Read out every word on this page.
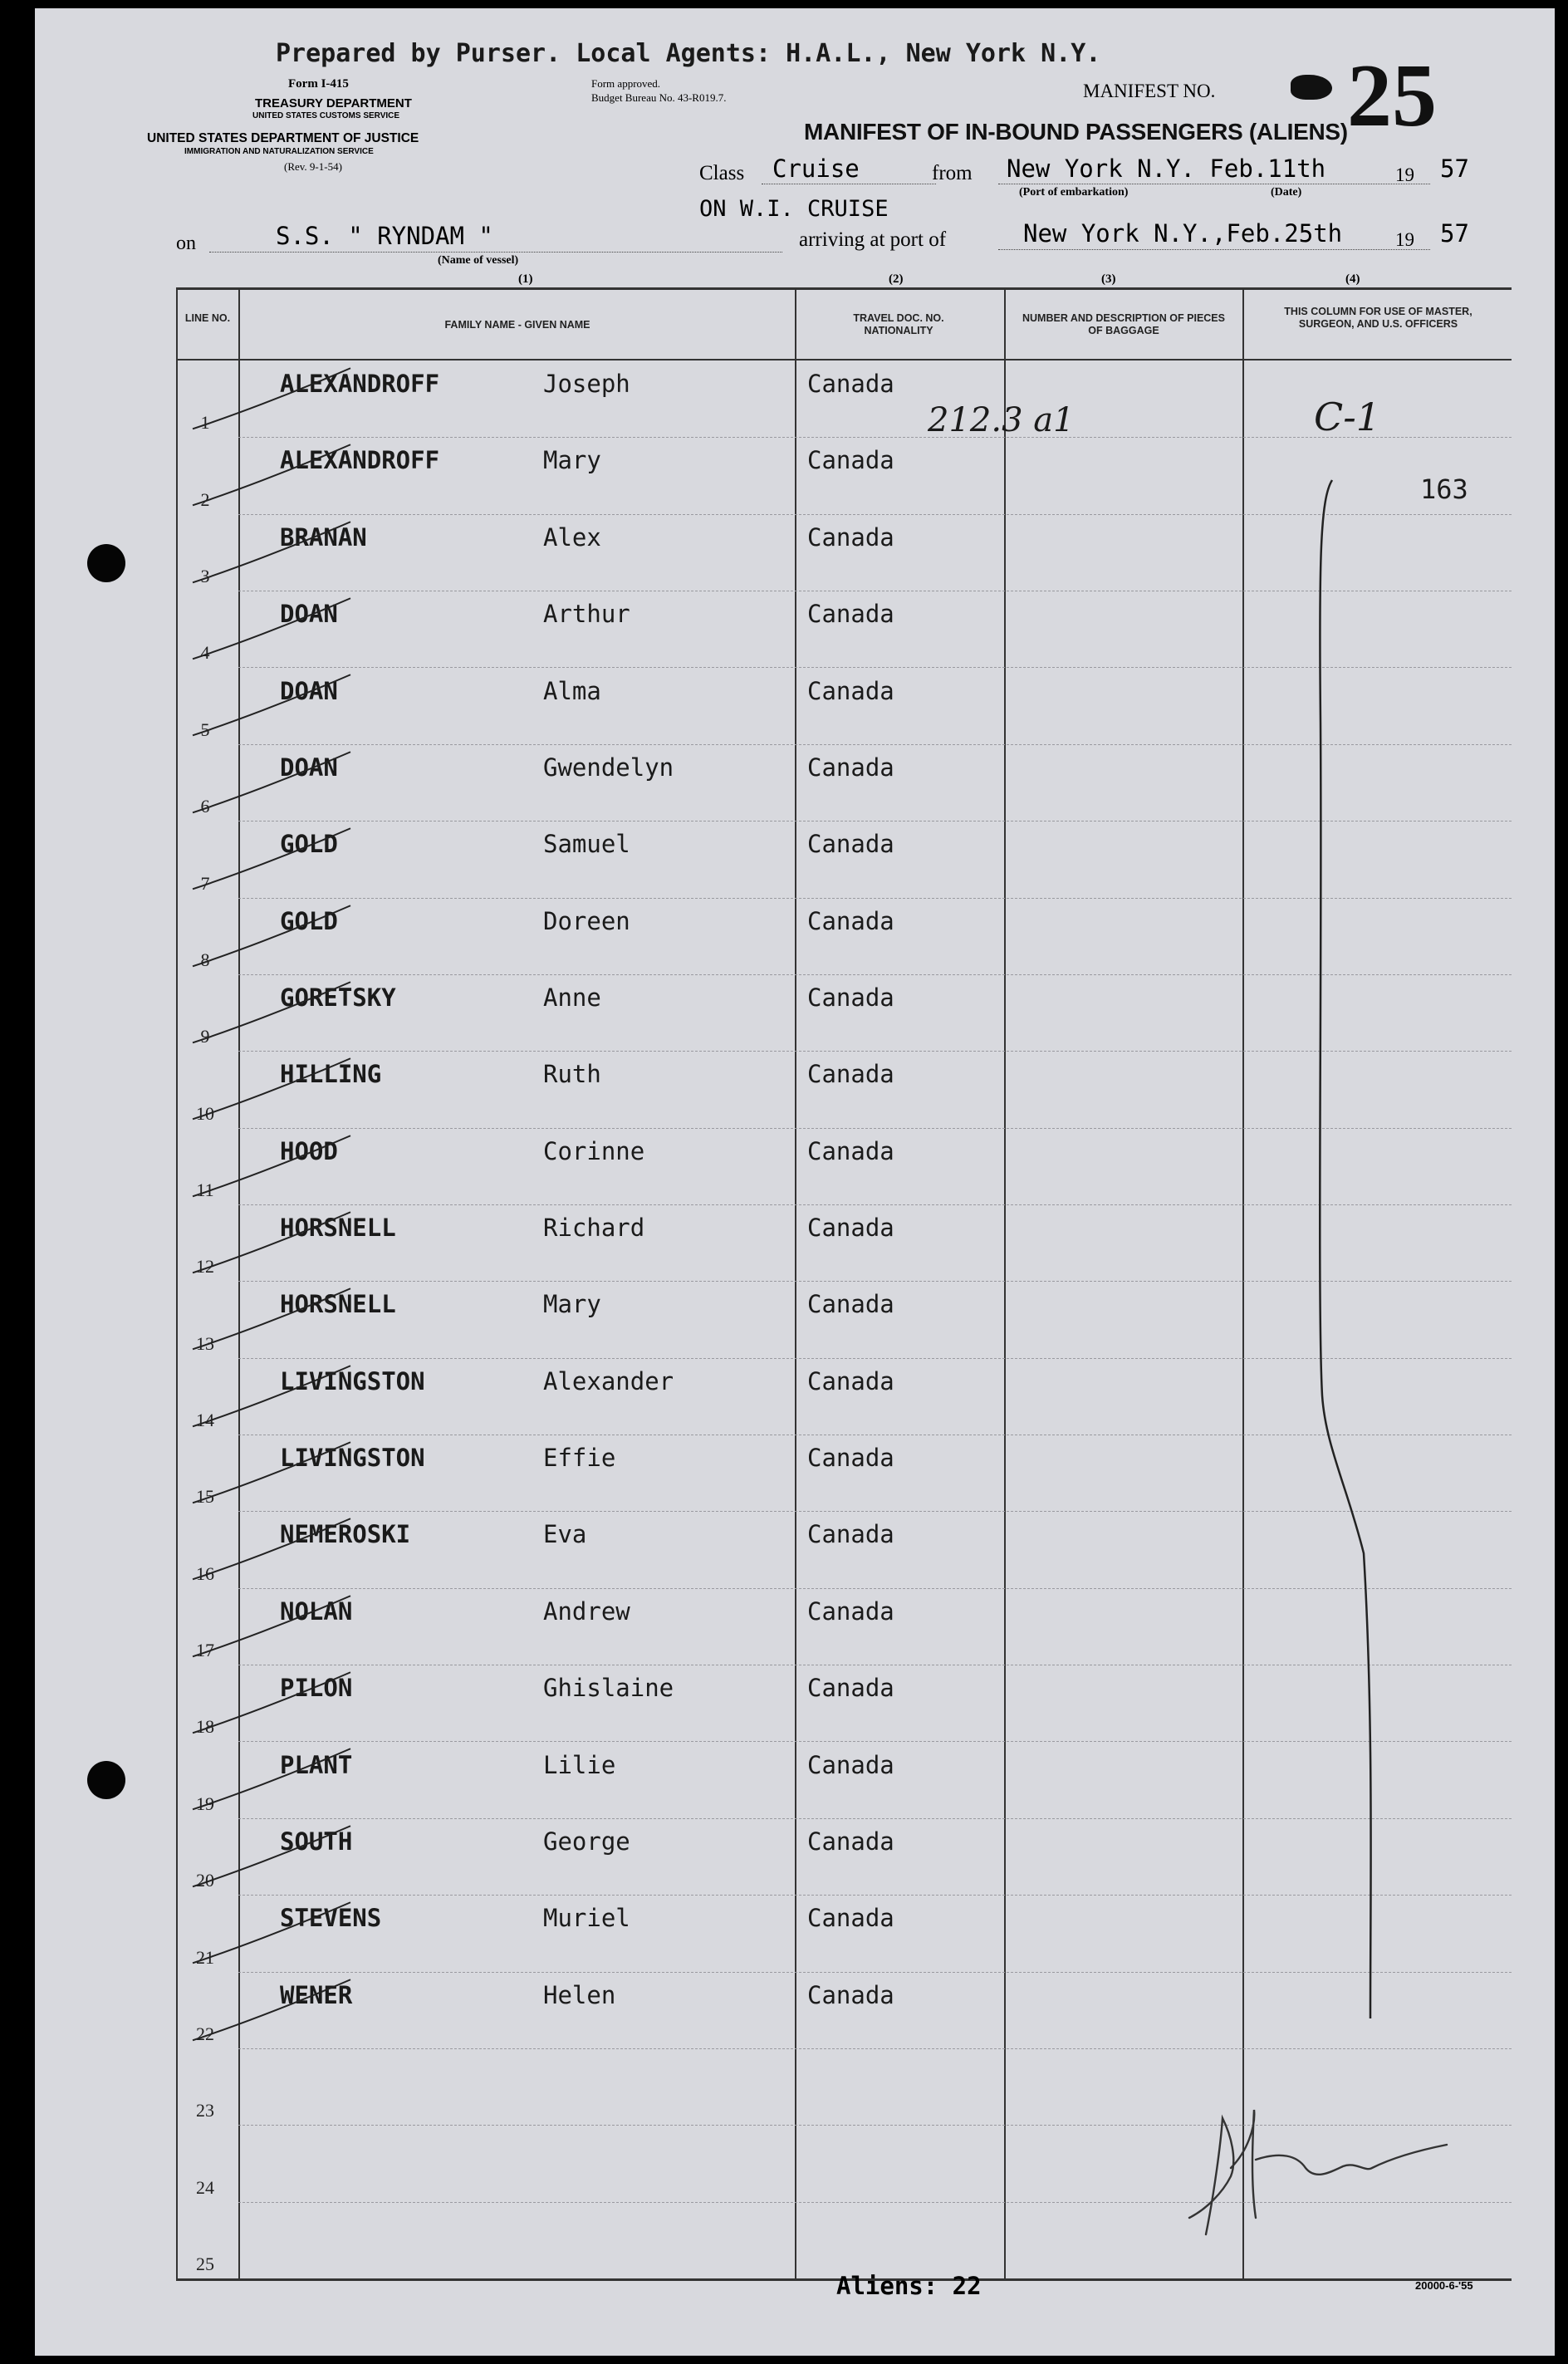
Prepared by Purser. Local Agents: H.A.L., New York N.Y.
Form I-415
TREASURY DEPARTMENT
UNITED STATES CUSTOMS SERVICE
UNITED STATES DEPARTMENT OF JUSTICE
IMMIGRATION AND NATURALIZATION SERVICE
(Rev. 9-1-54)
Form approved.
Budget Bureau No. 43-R019.7.	MANIFEST NO. 25
MANIFEST OF IN-BOUND PASSENGERS (ALIENS)
Class Cruise	from New York N.Y. Feb.11th	19 57
(Port of embarkation)	(Date)
ON W.I. CRUISE
on	S.S. " RYNDAM "
(Name of vessel)
arriving at port of	New York N.Y.,Feb.25th	19 57
(1)	(2)	(3)	(4)
LINE NO.
FAMILY NAME - GIVEN NAME
TRAVEL DOC. NO. NATIONALITY
NUMBER AND DESCRIPTION OF PIECES OF BAGGAGE
THIS COLUMN FOR USE OF MASTER, SURGEON, AND U.S. OFFICERS
1
ALEXANDROFF	Joseph	Canada
2
ALEXANDROFF	Mary	Canada
3
BRANAN	Alex	Canada
4
DOAN	Arthur	Canada
5
DOAN	Alma	Canada
6
DOAN	Gwendelyn	Canada
7
GOLD	Samuel	Canada
8
GOLD	Doreen	Canada
9
GORETSKY	Anne	Canada
10
HILLING	Ruth	Canada
11
HOOD	Corinne	Canada
12
HORSNELL	Richard	Canada
13
HORSNELL	Mary	Canada
14
LIVINGSTON	Alexander	Canada
15
LIVINGSTON	Effie	Canada
16
NEMEROSKI	Eva	Canada
17
NOLAN	Andrew	Canada
18
PILON	Ghislaine	Canada
19
PLANT	Lilie	Canada
20
SOUTH	George	Canada
21
STEVENS	Muriel	Canada
22
WENER	Helen	Canada
23
24
25
212.3 a1	C-1
163
Aliens: 22	20000-6-'55
